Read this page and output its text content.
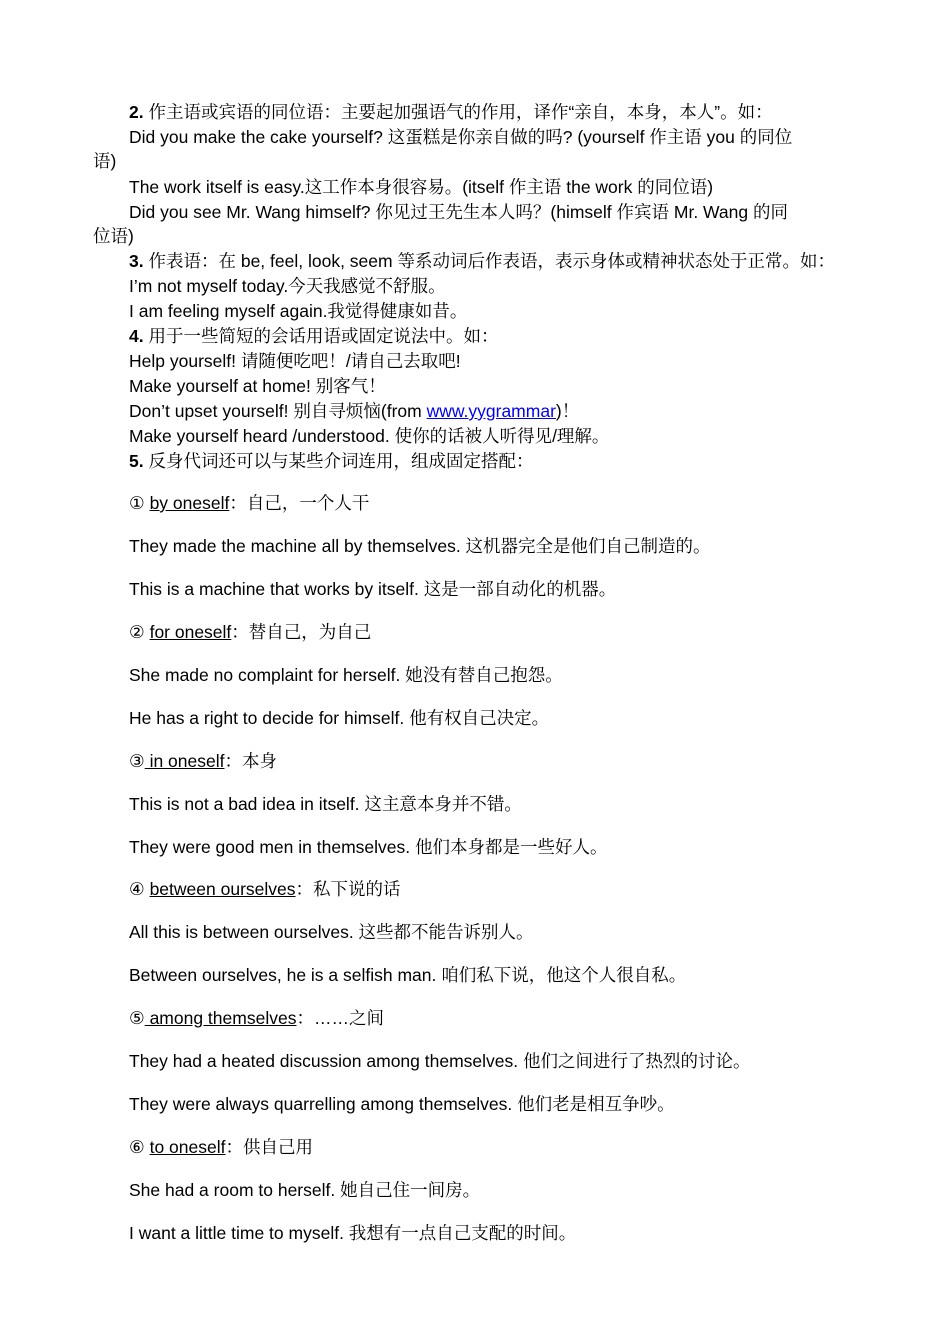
2. 作主语或宾语的同位语：主要起加强语气的作用，译作“亲自，本身，本人”。如：
Did you make the cake yourself? 这蛋糕是你亲自做的吗? (yourself 作主语 you 的同位
语)
The work itself is easy.这工作本身很容易。(itself 作主语 the work 的同位语)
Did you see Mr. Wang himself? 你见过王先生本人吗？(himself 作宾语 Mr. Wang 的同
位语)
3. 作表语：在 be, feel, look, seem 等系动词后作表语，表示身体或精神状态处于正常。如：
I’m not myself today.今天我感觉不舒服。
I am feeling myself again.我觉得健康如昔。
4. 用于一些简短的会话用语或固定说法中。如：
Help yourself! 请随便吃吧！/请自己去取吧!
Make yourself at home! 别客气！
Don’t upset yourself! 别自寻烦恼(from www.yygrammar)！
Make yourself heard /understood. 使你的话被人听得见/理解。
5. 反身代词还可以与某些介词连用，组成固定搭配：
① by oneself：自己，一个人干
They made the machine all by themselves. 这机器完全是他们自己制造的。
This is a machine that works by itself. 这是一部自动化的机器。
② for oneself：替自己，为自己
She made no complaint for herself. 她没有替自己抱怨。
He has a right to decide for himself. 他有权自己决定。
③ in oneself：本身
This is not a bad idea in itself. 这主意本身并不错。
They were good men in themselves. 他们本身都是一些好人。
④ between ourselves：私下说的话
All this is between ourselves. 这些都不能告诉别人。
Between ourselves, he is a selfish man. 咱们私下说，他这个人很自私。
⑤ among themselves：……之间
They had a heated discussion among themselves. 他们之间进行了热烈的讨论。
They were always quarrelling among themselves. 他们老是相互争吵。
⑥ to oneself：供自己用
She had a room to herself. 她自己住一间房。
I want a little time to myself. 我想有一点自己支配的时间。
